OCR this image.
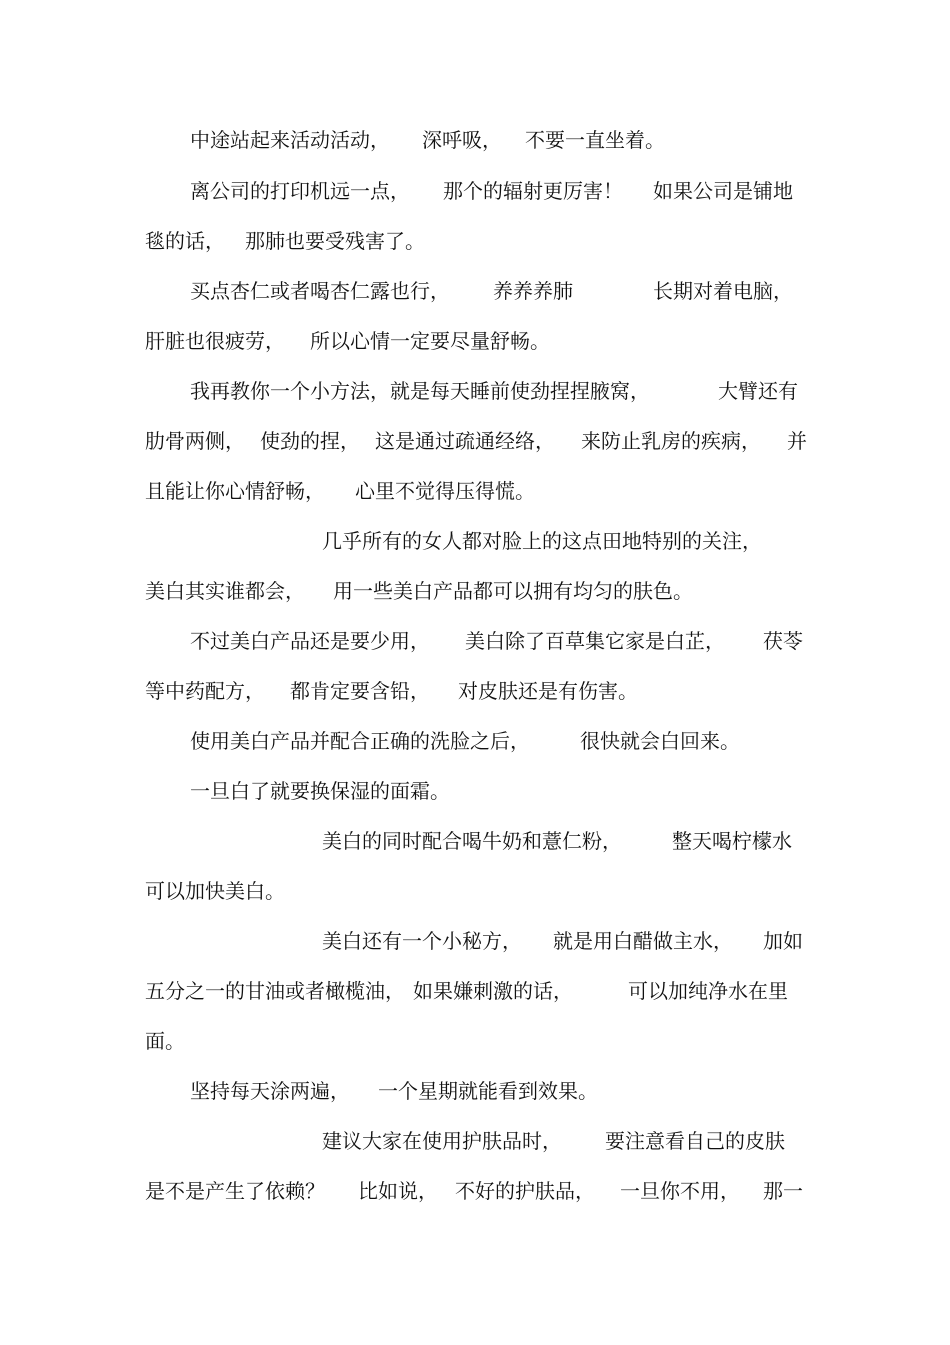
中途站起来活动活动， 深呼吸， 不要一直坐着。
离公司的打印机远一点， 那个的辐射更厉害！ 如果公司是铺地
毯的话， 那肺也要受残害了。
买点杏仁或者喝杏仁露也行， 养养养肺	长期对着电脑，
肝脏也很疲劳， 所以心情一定要尽量舒畅。
我再教你一个小方法，就是每天睡前使劲捏捏腋窝，	大臂还有
肋骨两侧， 使劲的捏， 这是通过疏通经络， 来防止乳房的疾病， 并
且能让你心情舒畅， 心里不觉得压得慌。
几乎所有的女人都对脸上的这点田地特别的关注，
美白其实谁都会， 用一些美白产品都可以拥有均匀的肤色。
不过美白产品还是要少用， 美白除了百草集它家是白芷， 茯苓
等中药配方， 都肯定要含铅， 对皮肤还是有伤害。
使用美白产品并配合正确的洗脸之后，	很快就会白回来。
一旦白了就要换保湿的面霜。
美白的同时配合喝牛奶和薏仁粉，	整天喝柠檬水
可以加快美白。
美白还有一个小秘方， 就是用白醋做主水， 加如
五分之一的甘油或者橄榄油， 如果嫌刺激的话，	可以加纯净水在里
面。
坚持每天涂两遍， 一个星期就能看到效果。
建议大家在使用护肤品时， 要注意看自己的皮肤
是不是产生了依赖？ 比如说， 不好的护肤品， 一旦你不用， 那一
